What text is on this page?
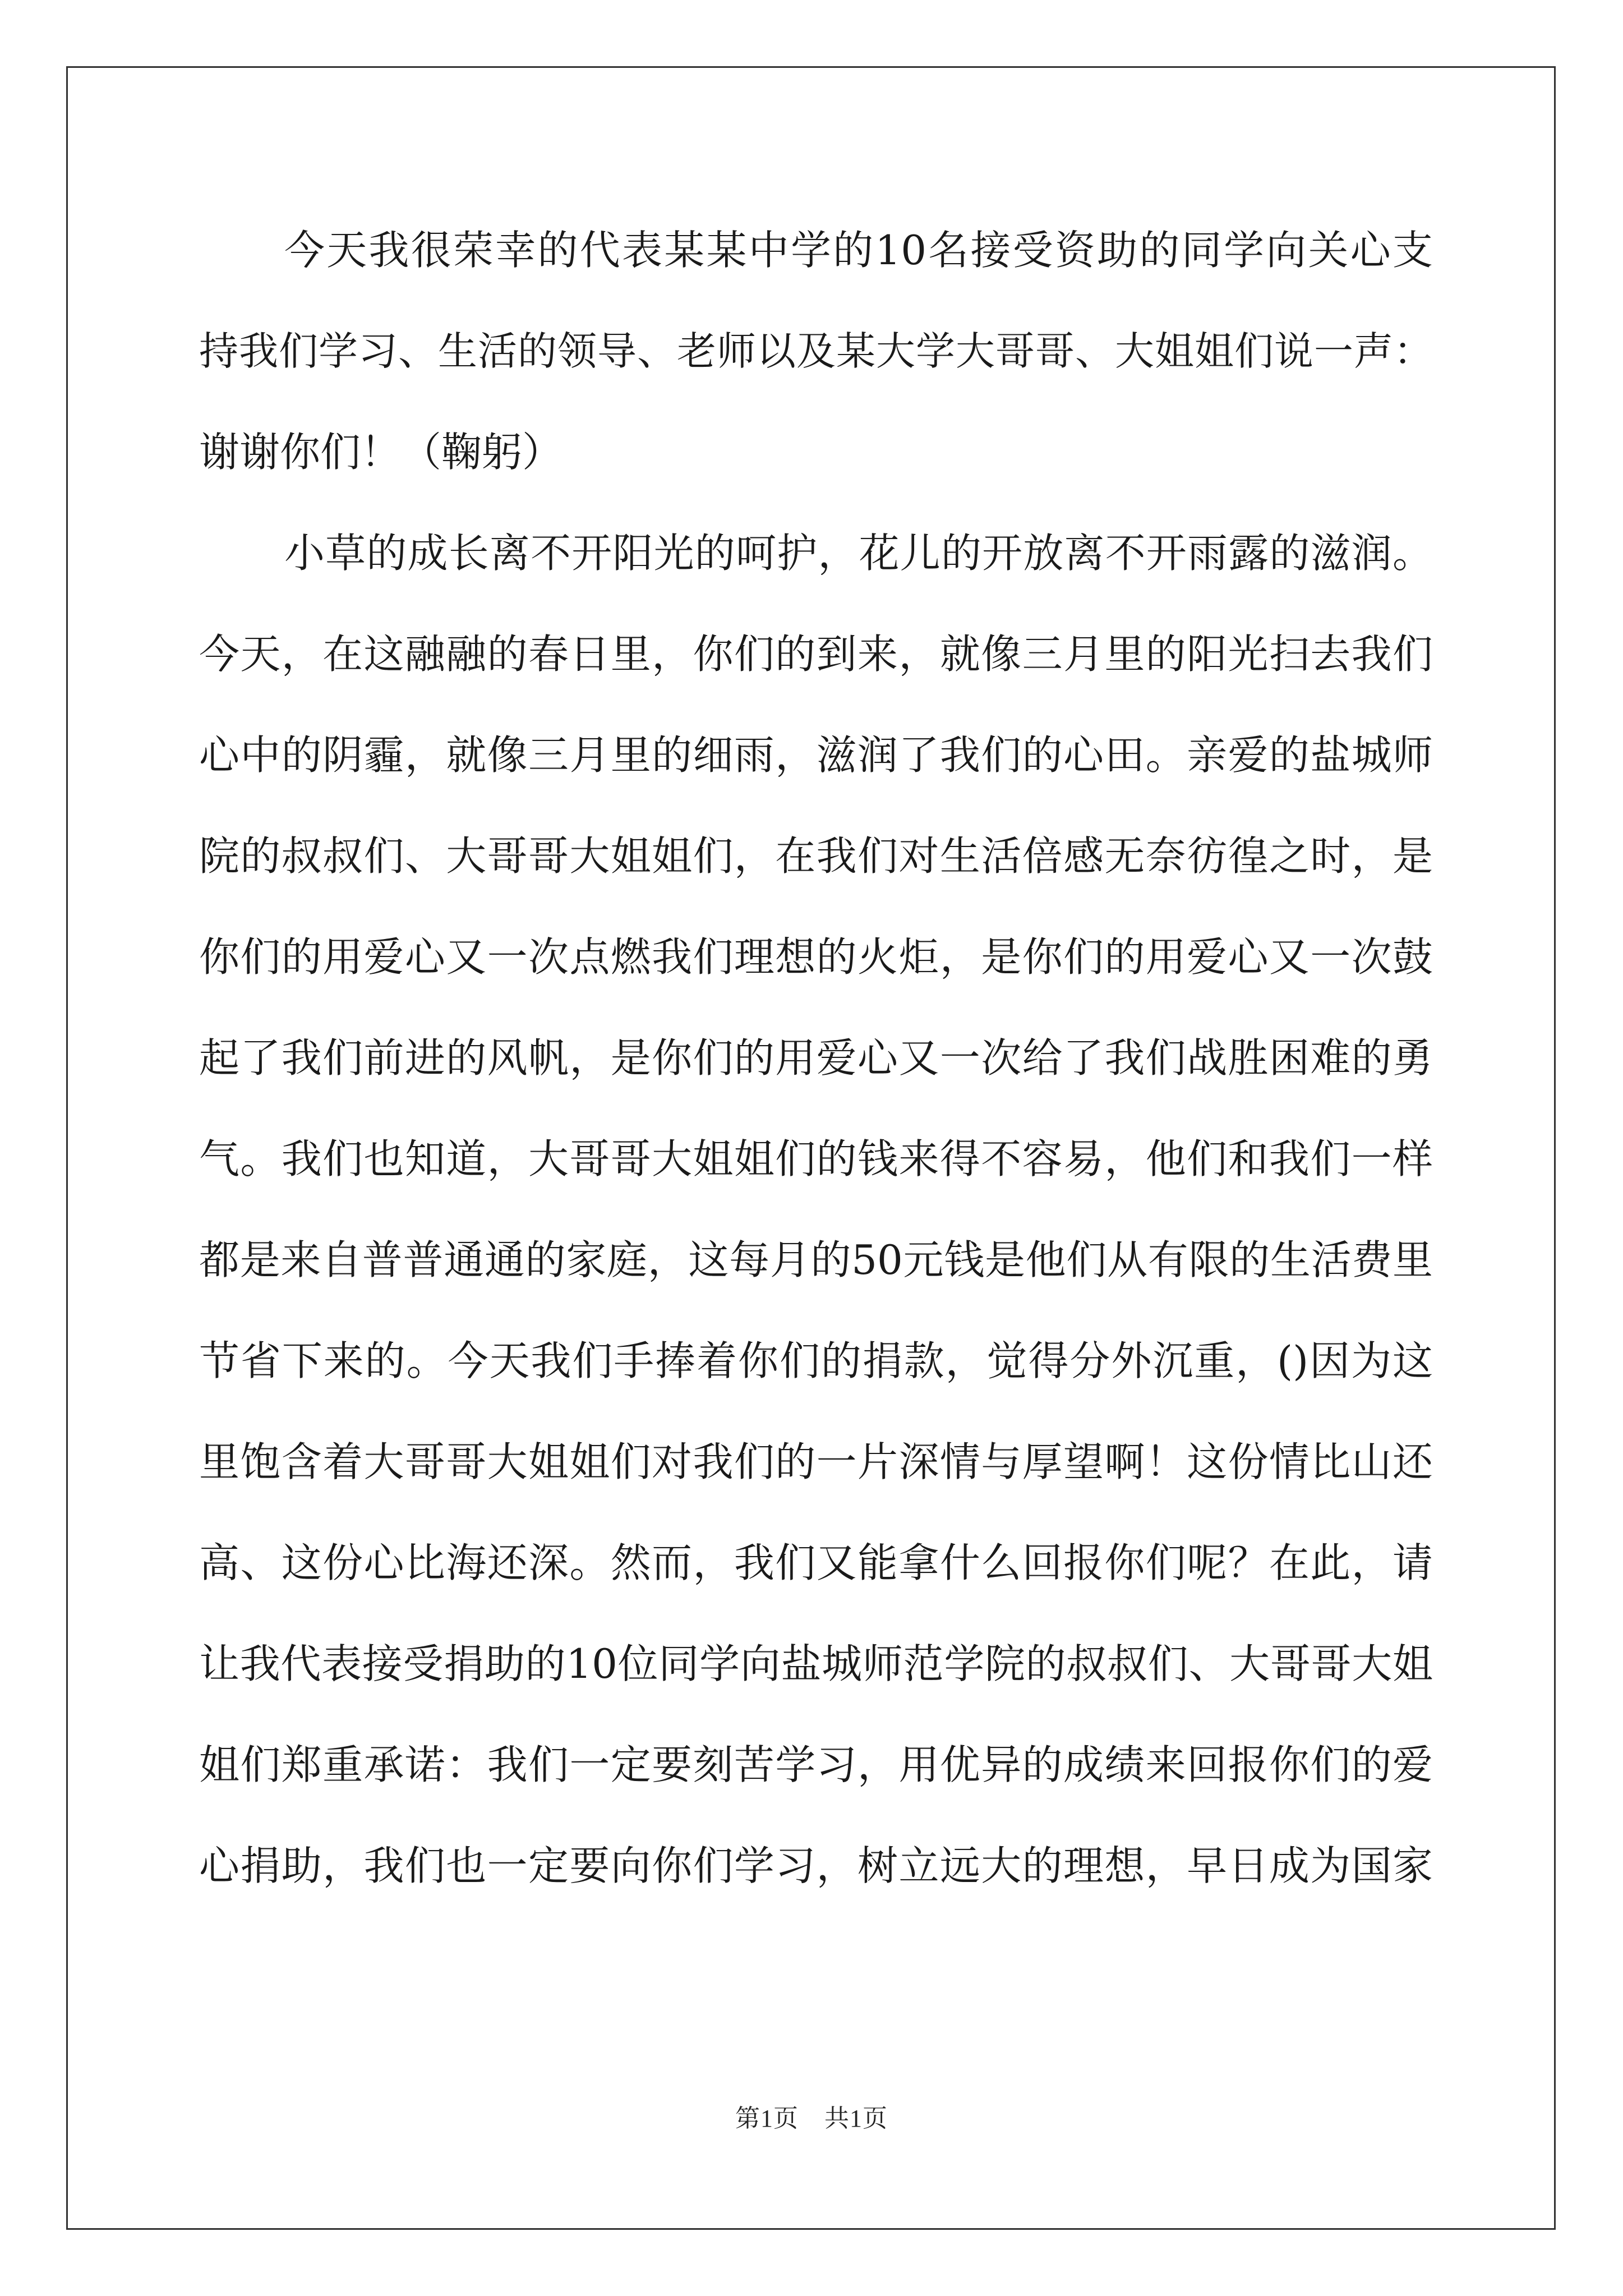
今天我很荣幸的代表某某中学的10名接受资助的同学向关心支
持我们学习、生活的领导、老师以及某大学大哥哥、大姐姐们说一声：
谢谢你们！（鞠躬）
小草的成长离不开阳光的呵护，花儿的开放离不开雨露的滋润。
今天，在这融融的春日里，你们的到来，就像三月里的阳光扫去我们
心中的阴霾，就像三月里的细雨，滋润了我们的心田。亲爱的盐城师
院的叔叔们、大哥哥大姐姐们，在我们对生活倍感无奈彷徨之时，是
你们的用爱心又一次点燃我们理想的火炬，是你们的用爱心又一次鼓
起了我们前进的风帆，是你们的用爱心又一次给了我们战胜困难的勇
气。我们也知道，大哥哥大姐姐们的钱来得不容易，他们和我们一样
都是来自普普通通的家庭，这每月的50元钱是他们从有限的生活费里
节省下来的。今天我们手捧着你们的捐款，觉得分外沉重，()因为这
里饱含着大哥哥大姐姐们对我们的一片深情与厚望啊！这份情比山还
高、这份心比海还深。然而，我们又能拿什么回报你们呢？在此，请
让我代表接受捐助的10位同学向盐城师范学院的叔叔们、大哥哥大姐
姐们郑重承诺：我们一定要刻苦学习，用优异的成绩来回报你们的爱
心捐助，我们也一定要向你们学习，树立远大的理想，早日成为国家
第1页 共1页
